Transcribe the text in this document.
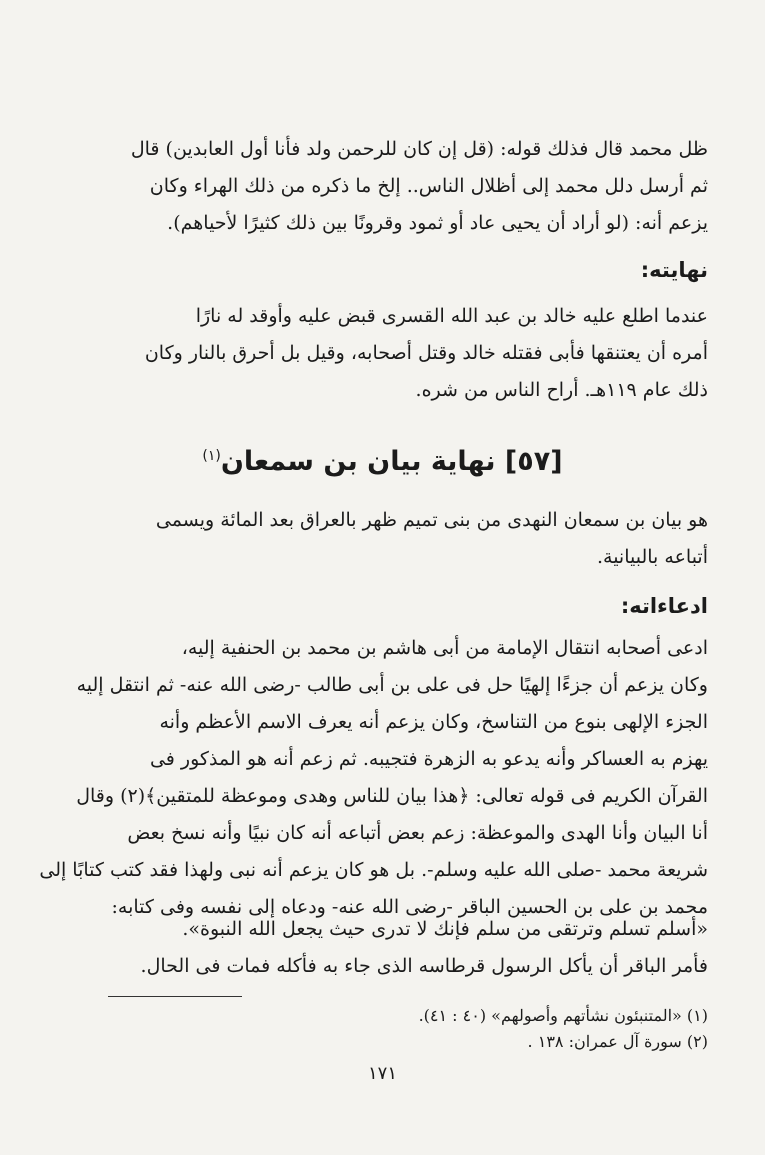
ظل محمد قال فذلك قوله: (قل إن كان للرحمن ولد فأنا أول العابدين) قال
ثم أرسل دلل محمد إلى أظلال الناس.. إلخ ما ذكره من ذلك الهراء وكان
يزعم أنه: (لو أراد أن يحيى عاد أو ثمود وقرونًا بين ذلك كثيرًا لأحياهم).
نهايته:
عندما اطلع عليه خالد بن عبد الله القسرى قبض عليه وأوقد له نارًا
أمره أن يعتنقها فأبى فقتله خالد وقتل أصحابه، وقيل بل أحرق بالنار وكان
ذلك عام ١١٩هـ. أراح الناس من شره.
[٥٧] نهاية بيان بن سمعان$^{(١)}$
هو بيان بن سمعان النهدى من بنى تميم ظهر بالعراق بعد المائة ويسمى
أتباعه بالبيانية.
ادعاءاته:
ادعى أصحابه انتقال الإمامة من أبى هاشم بن محمد بن الحنفية إليه،
وكان يزعم أن جزءًا إلهيًا حل فى على بن أبى طالب -رضى الله عنه- ثم انتقل إليه
الجزء الإلهى بنوع من التناسخ، وكان يزعم أنه يعرف الاسم الأعظم وأنه
يهزم به العساكر وأنه يدعو به الزهرة فتجيبه. ثم زعم أنه هو المذكور فى
القرآن الكريم فى قوله تعالى: ﴿هذا بيان للناس وهدى وموعظة للمتقين﴾(٢) وقال
أنا البيان وأنا الهدى والموعظة: زعم بعض أتباعه أنه كان نبيًا وأنه نسخ بعض
شريعة محمد -صلى الله عليه وسلم-. بل هو كان يزعم أنه نبى ولهذا فقد كتب كتابًا إلى
محمد بن على بن الحسين الباقر -رضى الله عنه- ودعاه إلى نفسه وفى كتابه:
«أسلم تسلم وترتقى من سلم فإنك لا تدرى حيث يجعل الله النبوة».
فأمر الباقر أن يأكل الرسول قرطاسه الذى جاء به فأكله فمات فى الحال.
(١) «المتنبئون نشأتهم وأصولهم» (٤٠ : ٤١).
(٢) سورة آل عمران: ١٣٨ .
١٧١
